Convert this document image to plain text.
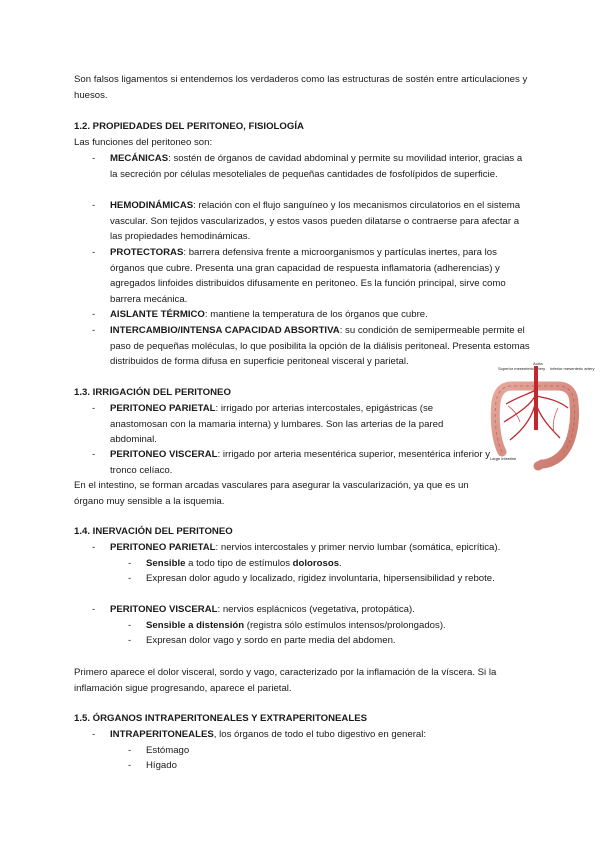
Son falsos ligamentos si entendemos los verdaderos como las estructuras de sostén entre articulaciones y huesos.

1.2. PROPIEDADES DEL PERITONEO, FISIOLOGÍA

Las funciones del peritoneo son:

- MECÁNICAS: sostén de órganos de cavidad abdominal y permite su movilidad interior, gracias a la secreción por células mesoteliales de pequeñas cantidades de fosfolípidos de superficie.

- HEMODINÁMICAS: relación con el flujo sanguíneo y los mecanismos circulatorios en el sistema vascular. Son tejidos vascularizados, y estos vasos pueden dilatarse o contraerse para afectar a las propiedades hemodinámicas.

- PROTECTORAS: barrera defensiva frente a microorganismos y partículas inertes, para los órganos que cubre. Presenta una gran capacidad de respuesta inflamatoria (adherencias) y agregados linfoides distribuidos difusamente en peritoneo. Es la función principal, sirve como barrera mecánica.

- AISLANTE TÉRMICO: mantiene la temperatura de los órganos que cubre.

- INTERCAMBIO/INTENSA CAPACIDAD ABSORTIVA: su condición de semipermeable permite el paso de pequeñas moléculas, lo que posibilita la opción de la diálisis peritoneal. Presenta estomas distribuidos de forma difusa en superficie peritoneal visceral y parietal.

1.3. IRRIGACIÓN DEL PERITONEO

- PERITONEO PARIETAL: irrigado por arterias intercostales, epigástricas (se anastomosan con la mamaria interna) y lumbares. Son las arterias de la pared abdominal.

- PERITONEO VISCERAL: irrigado por arteria mesentérica superior, mesentérica inferior y tronco celíaco.

En el intestino, se forman arcadas vasculares para asegurar la vascularización, ya que es un órgano muy sensible a la isquemia.

Superior mesenteric artery
Aorta
Inferior mesenteric artery
Large intestine

1.4. INERVACIÓN DEL PERITONEO

- PERITONEO PARIETAL: nervios intercostales y primer nervio lumbar (somática, epicrítica).

- Sensible a todo tipo de estímulos dolorosos.

- Expresan dolor agudo y localizado, rigidez involuntaria, hipersensibilidad y rebote.

- PERITONEO VISCERAL: nervios esplácnicos (vegetativa, protopática).

- Sensible a distensión (registra sólo estímulos intensos/prolongados).

- Expresan dolor vago y sordo en parte media del abdomen.

Primero aparece el dolor visceral, sordo y vago, caracterizado por la inflamación de la víscera. Si la inflamación sigue progresando, aparece el parietal.

1.5. ÓRGANOS INTRAPERITONEALES Y EXTRAPERITONEALES

- INTRAPERITONEALES, los órganos de todo el tubo digestivo en general:

- Estómago

- Hígado
